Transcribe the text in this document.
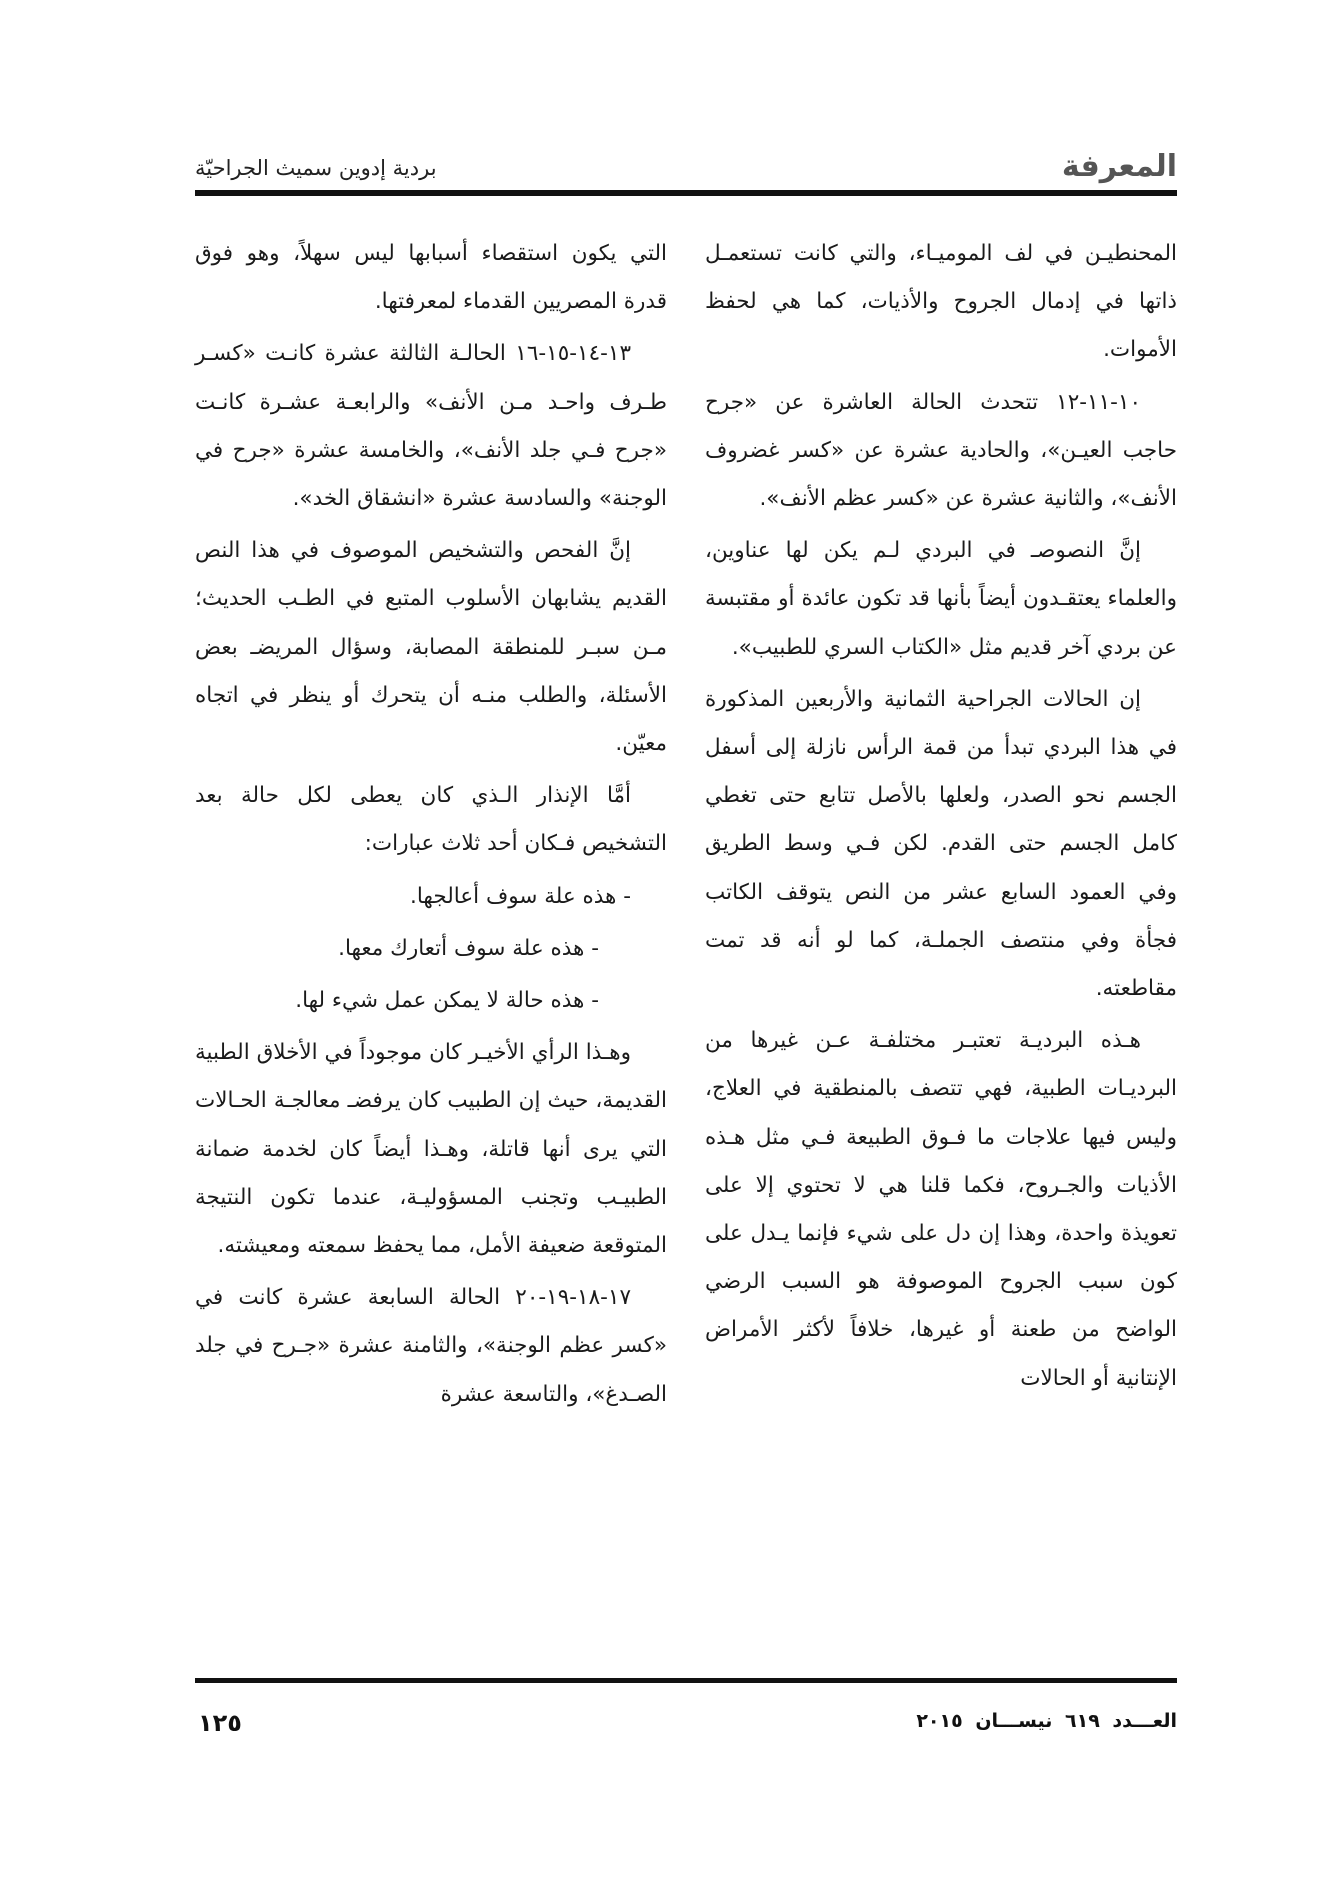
المعرفة
بردية إدوين سميث الجراحيّة

المحنطيـن في لف الموميـاء، والتي كانت تستعمـل ذاتها في إدمال الجروح والأذيات، كما هي لحفظ الأموات.

١٠-١١-١٢ تتحدث الحالة العاشرة عن «جرح حاجب العيـن»، والحادية عشرة عن «كسر غضروف الأنف»، والثانية عشرة عن «كسر عظم الأنف».

إنَّ النصوصـ في البردي لـم يكن لها عناوين، والعلماء يعتقـدون أيضاً بأنها قد تكون عائدة أو مقتبسة عن بردي آخر قديم مثل «الكتاب السري للطبيب».

إن الحالات الجراحية الثمانية والأربعين المذكورة في هذا البردي تبدأ من قمة الرأس نازلة إلى أسفل الجسم نحو الصدر، ولعلها بالأصل تتابع حتى تغطي كامل الجسم حتى القدم. لكن فـي وسط الطريق وفي العمود السابع عشر من النص يتوقف الكاتب فجأة وفي منتصف الجملـة، كما لو أنه قد تمت مقاطعته.

هـذه البرديـة تعتبـر مختلفـة عـن غيرها من البرديـات الطبية، فهي تتصف بالمنطقية في العلاج، وليس فيها علاجات ما فـوق الطبيعة فـي مثل هـذه الأذيات والجـروح، فكما قلنا هي لا تحتوي إلا على تعويذة واحدة، وهذا إن دل على شيء فإنما يـدل على كون سبب الجروح الموصوفة هو السبب الرضي الواضح من طعنة أو غيرها، خلافاً لأكثر الأمراض الإنتانية أو الحالات

التي يكون استقصاء أسبابها ليس سهلاً، وهو فوق قدرة المصريين القدماء لمعرفتها.

١٣-١٤-١٥-١٦ الحالـة الثالثة عشرة كانـت «كسـر طـرف واحـد مـن الأنف» والرابعـة عشـرة كانـت «جرح فـي جلد الأنف»، والخامسة عشرة «جرح في الوجنة» والسادسة عشرة «انشقاق الخد».

إنَّ الفحص والتشخيص الموصوف في هذا النص القديم يشابهان الأسلوب المتبع في الطـب الحديث؛ مـن سبـر للمنطقة المصابة، وسؤال المريضـ بعض الأسئلة، والطلب منـه أن يتحرك أو ينظر في اتجاه معيّن.

أمَّا الإنذار الـذي كان يعطى لكل حالة بعد التشخيص فـكان أحد ثلاث عبارات:

- هذه علة سوف أعالجها.

- هذه علة سوف أتعارك معها.

- هذه حالة لا يمكن عمل شيء لها.

وهـذا الرأي الأخيـر كان موجوداً في الأخلاق الطبية القديمة، حيث إن الطبيب كان يرفضـ معالجـة الحـالات التي يرى أنها قاتلة، وهـذا أيضاً كان لخدمة ضمانة الطبيـب وتجنب المسؤوليـة، عندما تكون النتيجة المتوقعة ضعيفة الأمل، مما يحفظ سمعته ومعيشته.

١٧-١٨-١٩-٢٠ الحالة السابعة عشرة كانت في «كسر عظم الوجنة»، والثامنة عشرة «جـرح في جلد الصـدغ»، والتاسعة عشرة

العـــدد ٦١٩ نيســـان ٢٠١٥
١٢٥
